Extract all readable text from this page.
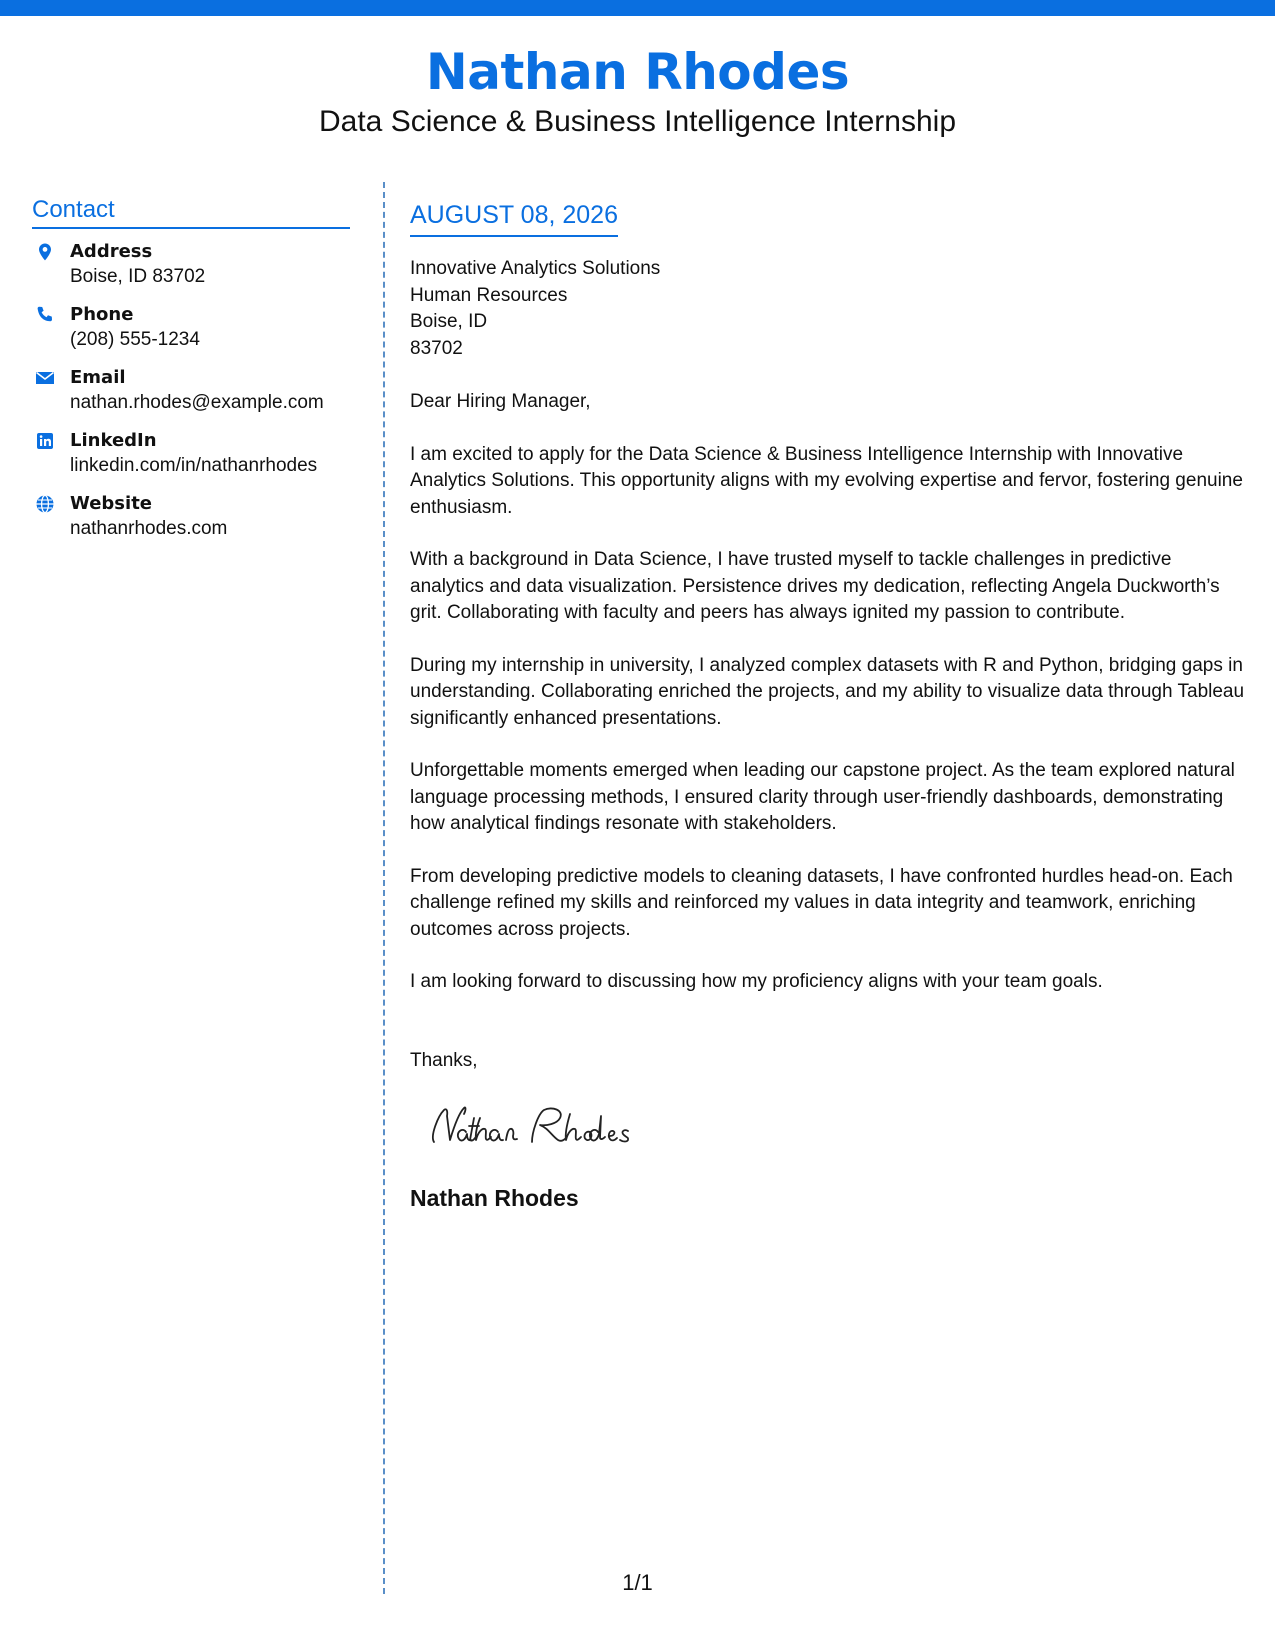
Nathan Rhodes
Data Science & Business Intelligence Internship
Contact
Address
Boise, ID 83702
Phone
(208) 555-1234
Email
nathan.rhodes@example.com
LinkedIn
linkedin.com/in/nathanrhodes
Website
nathanrhodes.com
AUGUST 08, 2026
Innovative Analytics Solutions
Human Resources
Boise, ID
83702
Dear Hiring Manager,
I am excited to apply for the Data Science & Business Intelligence Internship with Innovative Analytics Solutions. This opportunity aligns with my evolving expertise and fervor, fostering genuine enthusiasm.
With a background in Data Science, I have trusted myself to tackle challenges in predictive analytics and data visualization. Persistence drives my dedication, reflecting Angela Duckworth’s grit. Collaborating with faculty and peers has always ignited my passion to contribute.
During my internship in university, I analyzed complex datasets with R and Python, bridging gaps in understanding. Collaborating enriched the projects, and my ability to visualize data through Tableau significantly enhanced presentations.
Unforgettable moments emerged when leading our capstone project. As the team explored natural language processing methods, I ensured clarity through user-friendly dashboards, demonstrating how analytical findings resonate with stakeholders.
From developing predictive models to cleaning datasets, I have confronted hurdles head-on. Each challenge refined my skills and reinforced my values in data integrity and teamwork, enriching outcomes across projects.
I am looking forward to discussing how my proficiency aligns with your team goals.
Thanks,
Nathan Rhodes
1/1
